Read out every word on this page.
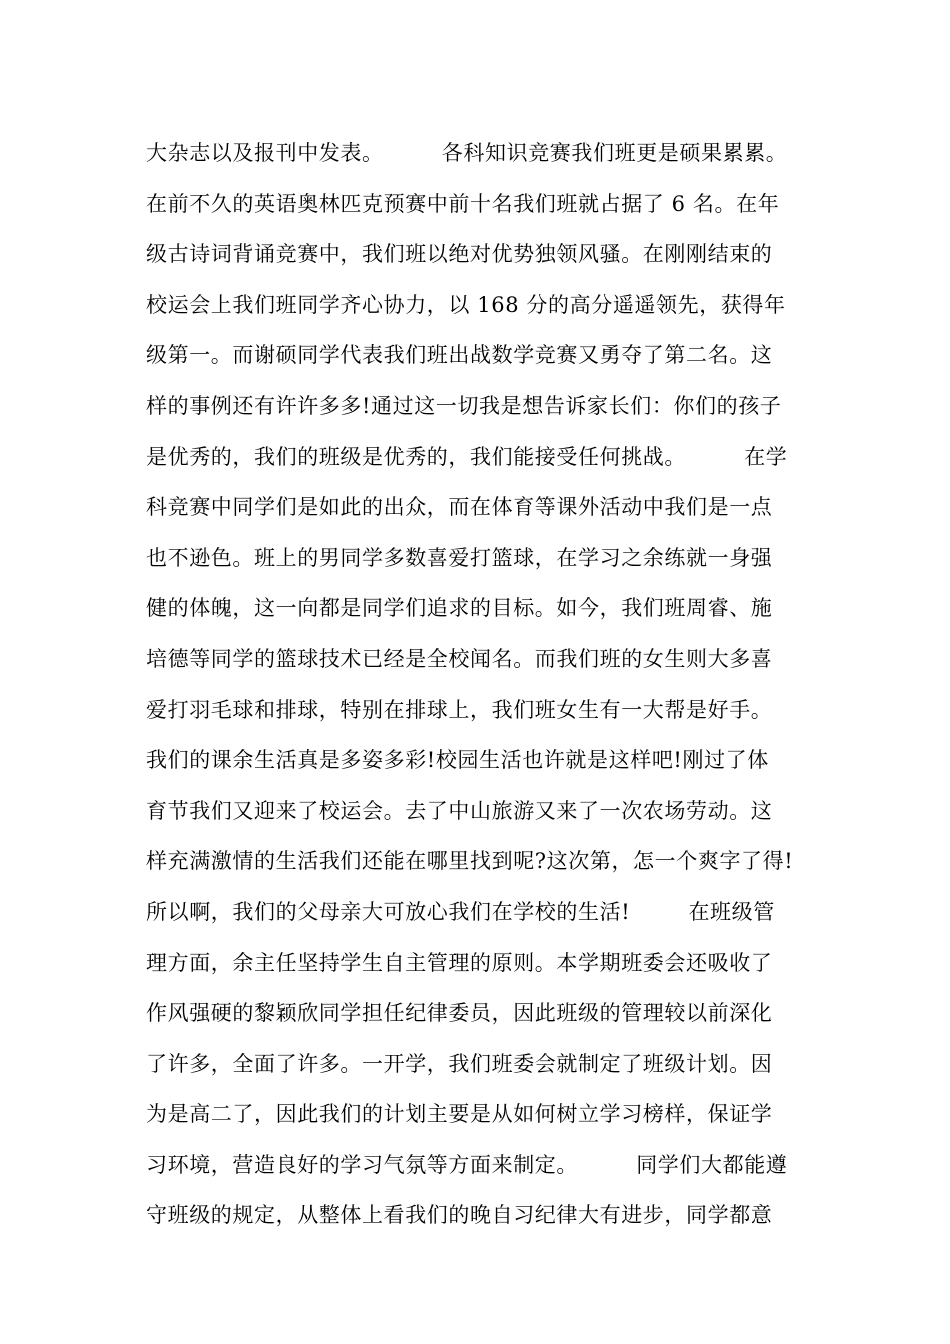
大杂志以及报刊中发表。        各科知识竞赛我们班更是硕果累累。
在前不久的英语奥林匹克预赛中前十名我们班就占据了 6 名。在年
级古诗词背诵竞赛中，我们班以绝对优势独领风骚。在刚刚结束的
校运会上我们班同学齐心协力，以 168 分的高分遥遥领先，获得年
级第一。而谢硕同学代表我们班出战数学竞赛又勇夺了第二名。这
样的事例还有许许多多!通过这一切我是想告诉家长们：你们的孩子
是优秀的，我们的班级是优秀的，我们能接受任何挑战。        在学
科竞赛中同学们是如此的出众，而在体育等课外活动中我们是一点
也不逊色。班上的男同学多数喜爱打篮球，在学习之余练就一身强
健的体魄，这一向都是同学们追求的目标。如今，我们班周睿、施
培德等同学的篮球技术已经是全校闻名。而我们班的女生则大多喜
爱打羽毛球和排球，特别在排球上，我们班女生有一大帮是好手。
我们的课余生活真是多姿多彩!校园生活也许就是这样吧!刚过了体
育节我们又迎来了校运会。去了中山旅游又来了一次农场劳动。这
样充满激情的生活我们还能在哪里找到呢?这次第，怎一个爽字了得!
所以啊，我们的父母亲大可放心我们在学校的生活!        在班级管
理方面，余主任坚持学生自主管理的原则。本学期班委会还吸收了
作风强硬的黎颖欣同学担任纪律委员，因此班级的管理较以前深化
了许多，全面了许多。一开学，我们班委会就制定了班级计划。因
为是高二了，因此我们的计划主要是从如何树立学习榜样，保证学
习环境，营造良好的学习气氛等方面来制定。        同学们大都能遵
守班级的规定，从整体上看我们的晚自习纪律大有进步，同学都意
